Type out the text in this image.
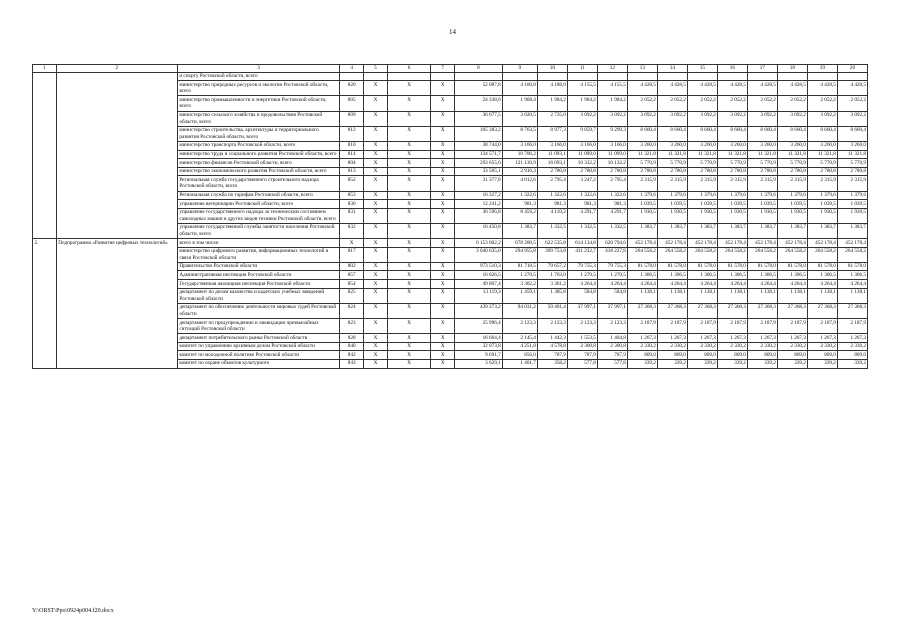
14
1	2	3	4	5	6	7	8	9	10	11	12	13	14	15	16	17	18	19	20
		и спорту Ростовской области, всего																	
		министерство природных ресурсов и экологии Ростовской области, всего	820	X	X	X	52 087,8	4 160,8	4 188,0	4 155,5	4 155,5	4 428,5	4 428,5	4 428,5	4 428,5	4 428,5	4 428,5	4 428,5	4 428,5
		министерство промышленности и энергетики Ростовской области, всего	805	X	X	X	24 338,6	1 968,4	1 984,2	1 984,2	1 984,2	2 052,2	2 052,2	2 052,2	2 052,2	2 052,2	2 052,2	2 052,2	2 052,2
		министерство сельского хозяйства и продовольствия Ростовской области, всего	809	X	X	X	36 677,5	3 020,5	2 735,0	3 092,2	3 092,2	3 092,2	3 092,2	3 092,2	3 092,2	3 092,2	3 092,2	3 092,2	3 092,2
		министерство строительства, архитектуры и территориального развития Ростовской области, всего	812	X	X	X	105 383,2	8 763,5	8 977,3	9 059,7	9 299,3	8 660,4	8 660,4	8 660,4	8 660,4	8 660,4	8 660,4	8 660,4	8 660,4
		министерство транспорта Ростовской области, всего	810	X	X	X	38 744,0	3 166,0	3 166,0	3 166,0	3 166,0	3 260,0	3 260,0	3 260,0	3 260,0	3 260,0	3 260,0	3 260,0	3 260,0
		министерство труда и социального развития Ростовской области, всего	814	X	X	X	134 571,7	10 706,2	11 093,1	11 099,0	11 099,0	11 321,8	11 321,8	11 321,8	11 321,8	11 321,8	11 321,8	11 321,8	11 321,8
		министерство финансов Ростовской области, всего	804	X	X	X	293 655,6	121 130,9	16 093,1	10 332,2	10 132,2	5 770,9	5 770,9	5 770,9	5 770,9	5 770,9	5 770,9	5 770,9	5 770,9
		министерство экономического развития Ростовской области, всего	813	X	X	X	33 505,1	2 916,3	2 780,8	2 780,8	2 780,8	2 780,8	2 780,8	2 780,8	2 780,8	2 780,8	2 780,8	2 780,8	2 780,8
		Региональная служба государственного строительного надзора Ростовской области, всего	852	X	X	X	31 377,8	4 012,6	2 795,4	3 247,2	2 795,4	2 315,9	2 315,9	2 315,9	2 315,9	2 315,9	2 315,9	2 315,9	2 315,9
		Региональная служба по тарифам Ростовской области, всего	853	X	X	X	16 327,2	1 322,6	1 322,6	1 322,6	1 322,6	1 379,6	1 379,6	1 379,6	1 379,6	1 379,6	1 379,6	1 379,6	1 379,6
		управление ветеринарии Ростовской области, всего	830	X	X	X	12 241,2	981,3	981,3	981,3	981,3	1 039,5	1 039,5	1 039,5	1 039,5	1 039,5	1 039,5	1 039,5	1 039,5
		управление государственного надзора за техническим состоянием самоходных машин и других видов техники Ростовской области, всего	831	X	X	X	36 596,8	8 459,2	4 110,2	4 291,7	4 291,7	1 930,5	1 930,5	1 930,5	1 930,5	1 930,5	1 930,5	1 930,5	1 930,5
		управление государственной службы занятости населения Ростовской области, всего	832	X	X	X	16 450,8	1 383,7	1 332,5	1 332,5	1 332,5	1 383,7	1 383,7	1 383,7	1 383,7	1 383,7	1 383,7	1 383,7	1 383,7
2.	Подпрограмма «Развитие цифровых технологий»	всего в том числе:	X	X	X	X	6 153 002,2	678 200,5	622 535,8	614 134,8	620 794,6	452 178,4	452 178,4	452 178,4	452 178,4	452 178,4	452 178,4	452 178,4	452 178,4
		министерство цифрового развития, информационных технологий и связи Ростовской области	817	X	X	X	3 640 635,0	294 955,8	399 753,8	411 232,7	418 227,8	264 558,2	264 558,2	264 558,2	264 558,2	264 558,2	264 558,2	264 558,2	264 558,2
		Правительство Ростовской области	802	X	X	X	973 510,3	81 718,5	79 657,2	79 755,3	79 755,3	81 578,0	81 578,0	81 578,0	81 578,0	81 578,0	81 578,0	81 578,0	81 578,0
		Административная инспекция Ростовской области	857	X	X	X	16 026,5	1 270,5	1 763,0	1 270,5	1 270,5	1 306,5	1 306,5	1 306,5	1 306,5	1 306,5	1 306,5	1 306,5	1 306,5
		Государственная жилищная инспекция Ростовской области	854	X	X	X	49 807,4	3 302,2	3 361,2	4 264,4	4 264,4	4 264,4	4 264,4	4 264,4	4 264,4	4 264,4	4 264,4	4 264,4	4 264,4
		департамент по делам казачества и кадетских учебных заведений Ростовской области	825	X	X	X	13 119,3	1 459,1	1 385,8	584,8	584,8	1 138,1	1 138,1	1 138,1	1 138,1	1 138,1	1 138,1	1 138,1	1 138,1
		департамент по обеспечению деятельности мировых судей Ростовской области	824	X	X	X	439 373,2	94 031,2	50 401,4	37 997,1	37 997,1	27 368,3	27 368,3	27 368,3	27 368,3	27 368,3	27 368,3	27 368,3	27 368,3
		департамент по предупреждению и ликвидации чрезвычайных ситуаций Ростовской области	823	X	X	X	25 996,4	2 123,3	2 123,3	2 123,3	2 123,3	2 187,9	2 187,9	2 187,9	2 187,9	2 187,9	2 187,9	2 187,9	2 187,9
		департамент потребительского рынка Ростовской области	828	X	X	X	16 664,4	2 145,4	1 442,3	1 553,5	1 404,8	1 267,3	1 267,3	1 267,3	1 267,3	1 267,3	1 267,3	1 267,3	1 267,3
		комитет по управлению архивным делом Ростовской области	840	X	X	X	32 073,8	4 251,8	4 578,8	2 300,8	2 300,8	2 330,2	2 330,2	2 330,2	2 330,2	2 330,2	2 330,2	2 330,2	2 330,2
		комитет по молодежной политике Ростовской области	842	X	X	X	9 691,7	856,0	787,9	787,9	787,9	809,0	809,0	809,0	809,0	809,0	809,0	809,0	809,0
		комитет по охране объектов культурного	843	X	X	X	3 629,1	1 401,7	358,2	577,8	577,8	339,2	339,2	339,2	339,2	339,2	339,2	339,2	339,2
Y:\ORST\Ppo\0924p004.f20.docx
